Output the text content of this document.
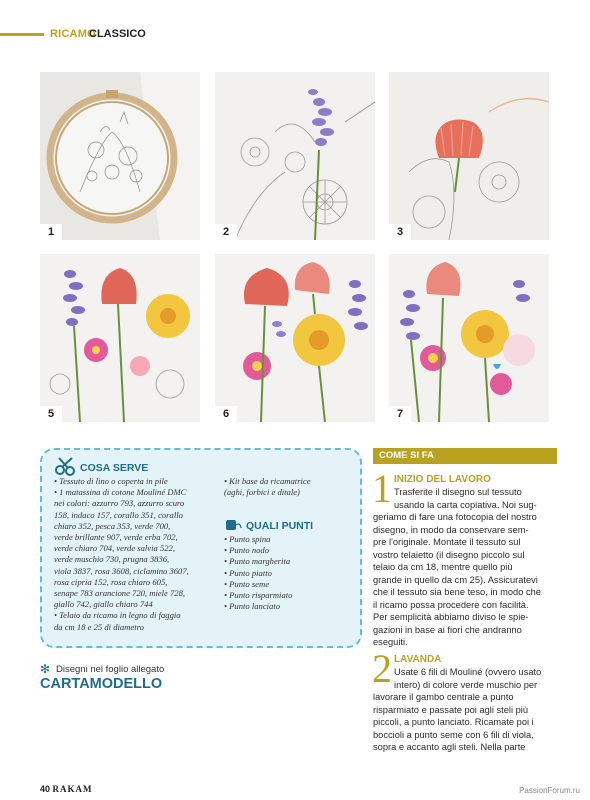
RICAMO
CLASSICO
1	2	3
5	6	7
COSA SERVE

• Tessuto di lino o coperta in pile

• 1 matassina di cotone Mouliné DMC

nei colori: azzurro 793, azzurro scuro

158, indaco 157, corallo 351, corallo

chiaro 352, pesca 353, verde 700,

verde brillante 907, verde erba 702,

verde chiaro 704, verde salvia 522,

verde muschio 730, prugna 3836,

viola 3837, rosa 3608, ciclamino 3607,

rosa cipria 152, rosa chiaro 605,

senape 783 arancione 720, miele 728,

giallo 742, giallo chiaro 744

• Telaio da ricamo in legno di faggio

da cm 18 e 25 di diametro

• Kit base da ricamatrice

(aghi, forbici e ditale)

QUALI PUNTI

• Punto spina

• Punto nodo

• Punto margherita

• Punto piatto

• Punto seme

• Punto risparmiato

• Punto lanciato

✻ Disegni nel foglio allegato
CARTAMODELLO
COME SI FA
1 INIZIO DEL LAVORO
Trasferite il disegno sul tessuto
usando la carta copiativa. Noi sug-
geriamo di fare una fotocopia del nostro
disegno, in modo da conservare sem-
pre l'originale. Montate il tessuto sul
vostro telaietto (il disegno piccolo sul
telaio da cm 18, mentre quello più
grande in quello da cm 25). Assicuratevi
che il tessuto sia bene teso, in modo che
il ricamo possa procedere con facilità.
Per semplicità abbiamo diviso le spie-
gazioni in base ai fiori che andranno
eseguiti.
2 LAVANDA
Usate 6 fili di Mouliné (ovvero usato
intero) di colore verde muschio per
lavorare il gambo centrale a punto
risparmiato e passate poi agli steli più
piccoli, a punto lanciato. Ricamate poi i
boccioli a punto seme con 6 fili di viola,
sopra e accanto agli steli. Nella parte
40 RAKAM	PassionForum.ru
